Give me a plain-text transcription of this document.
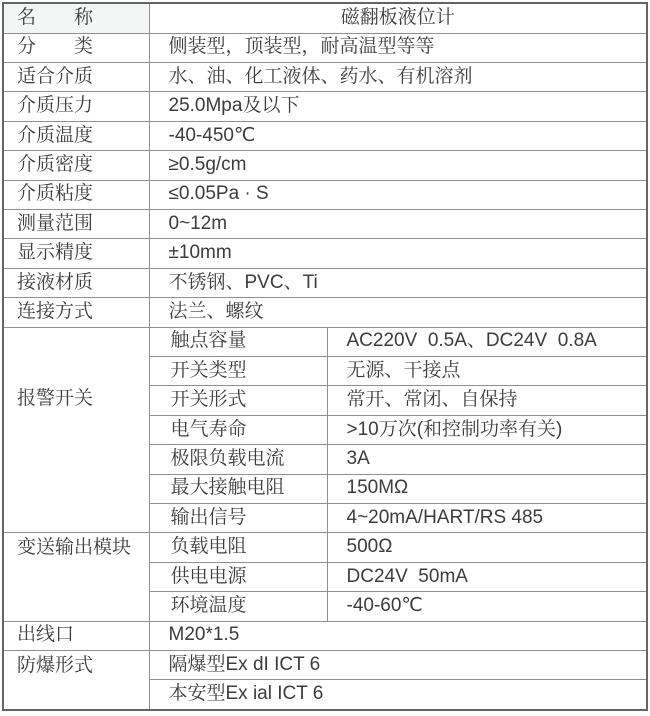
名　　称	磁翻板液位计	
分　　类	侧装型，顶装型，耐高温型等等	
适合介质	水、油、化工液体、药水、有机溶剂	
介质压力	25.0Mpa及以下	
介质温度	-40-450℃	
介质密度	≥0.5g/cm	
介质粘度	≤0.05Pa · S	
测量范围	0~12m	
显示精度	±10mm	
接液材质	不锈钢、PVC、Ti	
连接方式	法兰、螺纹	
报警开关	触点容量	AC220V  0.5A、DC24V  0.8A
	开关类型	无源、干接点
	开关形式	常开、常闭、自保持
	电气寿命	>10万次(和控制功率有关)
	极限负载电流	3A
	最大接触电阻	150MΩ
	输出信号	4~20mA/HART/RS 485
变送输出模块	负载电阻	500Ω
	供电电源	DC24V  50mA
	环境温度	-40-60℃
出线口	M20*1.5	
防爆形式	隔爆型Ex dI ICT 6	
	本安型Ex ial ICT 6	
